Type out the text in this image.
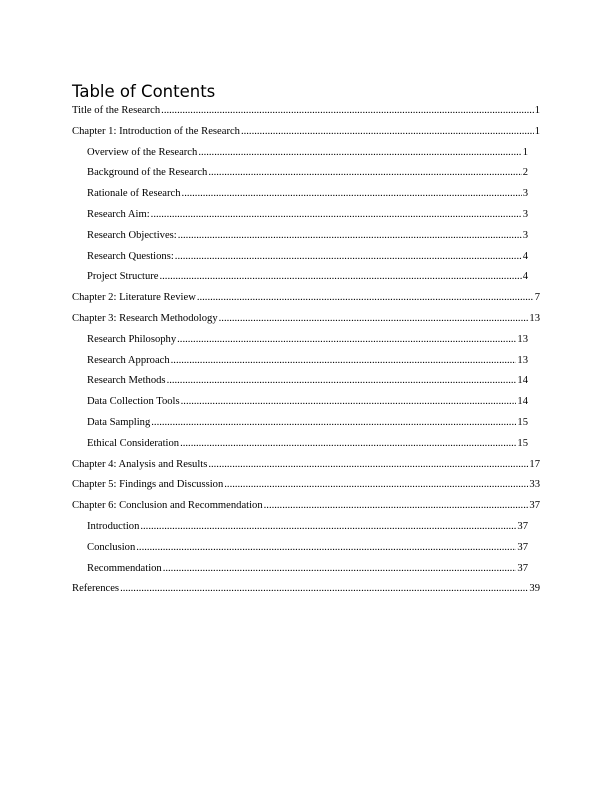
Table of Contents
Title of the Research .....	1
Chapter 1: Introduction of the Research .....	1
Overview of the Research .....	1
Background of the Research .....	2
Rationale of Research .....	3
Research Aim: .....	3
Research Objectives: .....	3
Research Questions: .....	4
Project Structure .....	4
Chapter 2: Literature Review .....	7
Chapter 3: Research Methodology .....	13
Research Philosophy .....	13
Research Approach .....	13
Research Methods .....	14
Data Collection Tools .....	14
Data Sampling .....	15
Ethical Consideration .....	15
Chapter 4: Analysis and Results .....	17
Chapter 5: Findings and Discussion .....	33
Chapter 6: Conclusion and Recommendation .....	37
Introduction .....	37
Conclusion .....	37
Recommendation .....	37
References .....	39
